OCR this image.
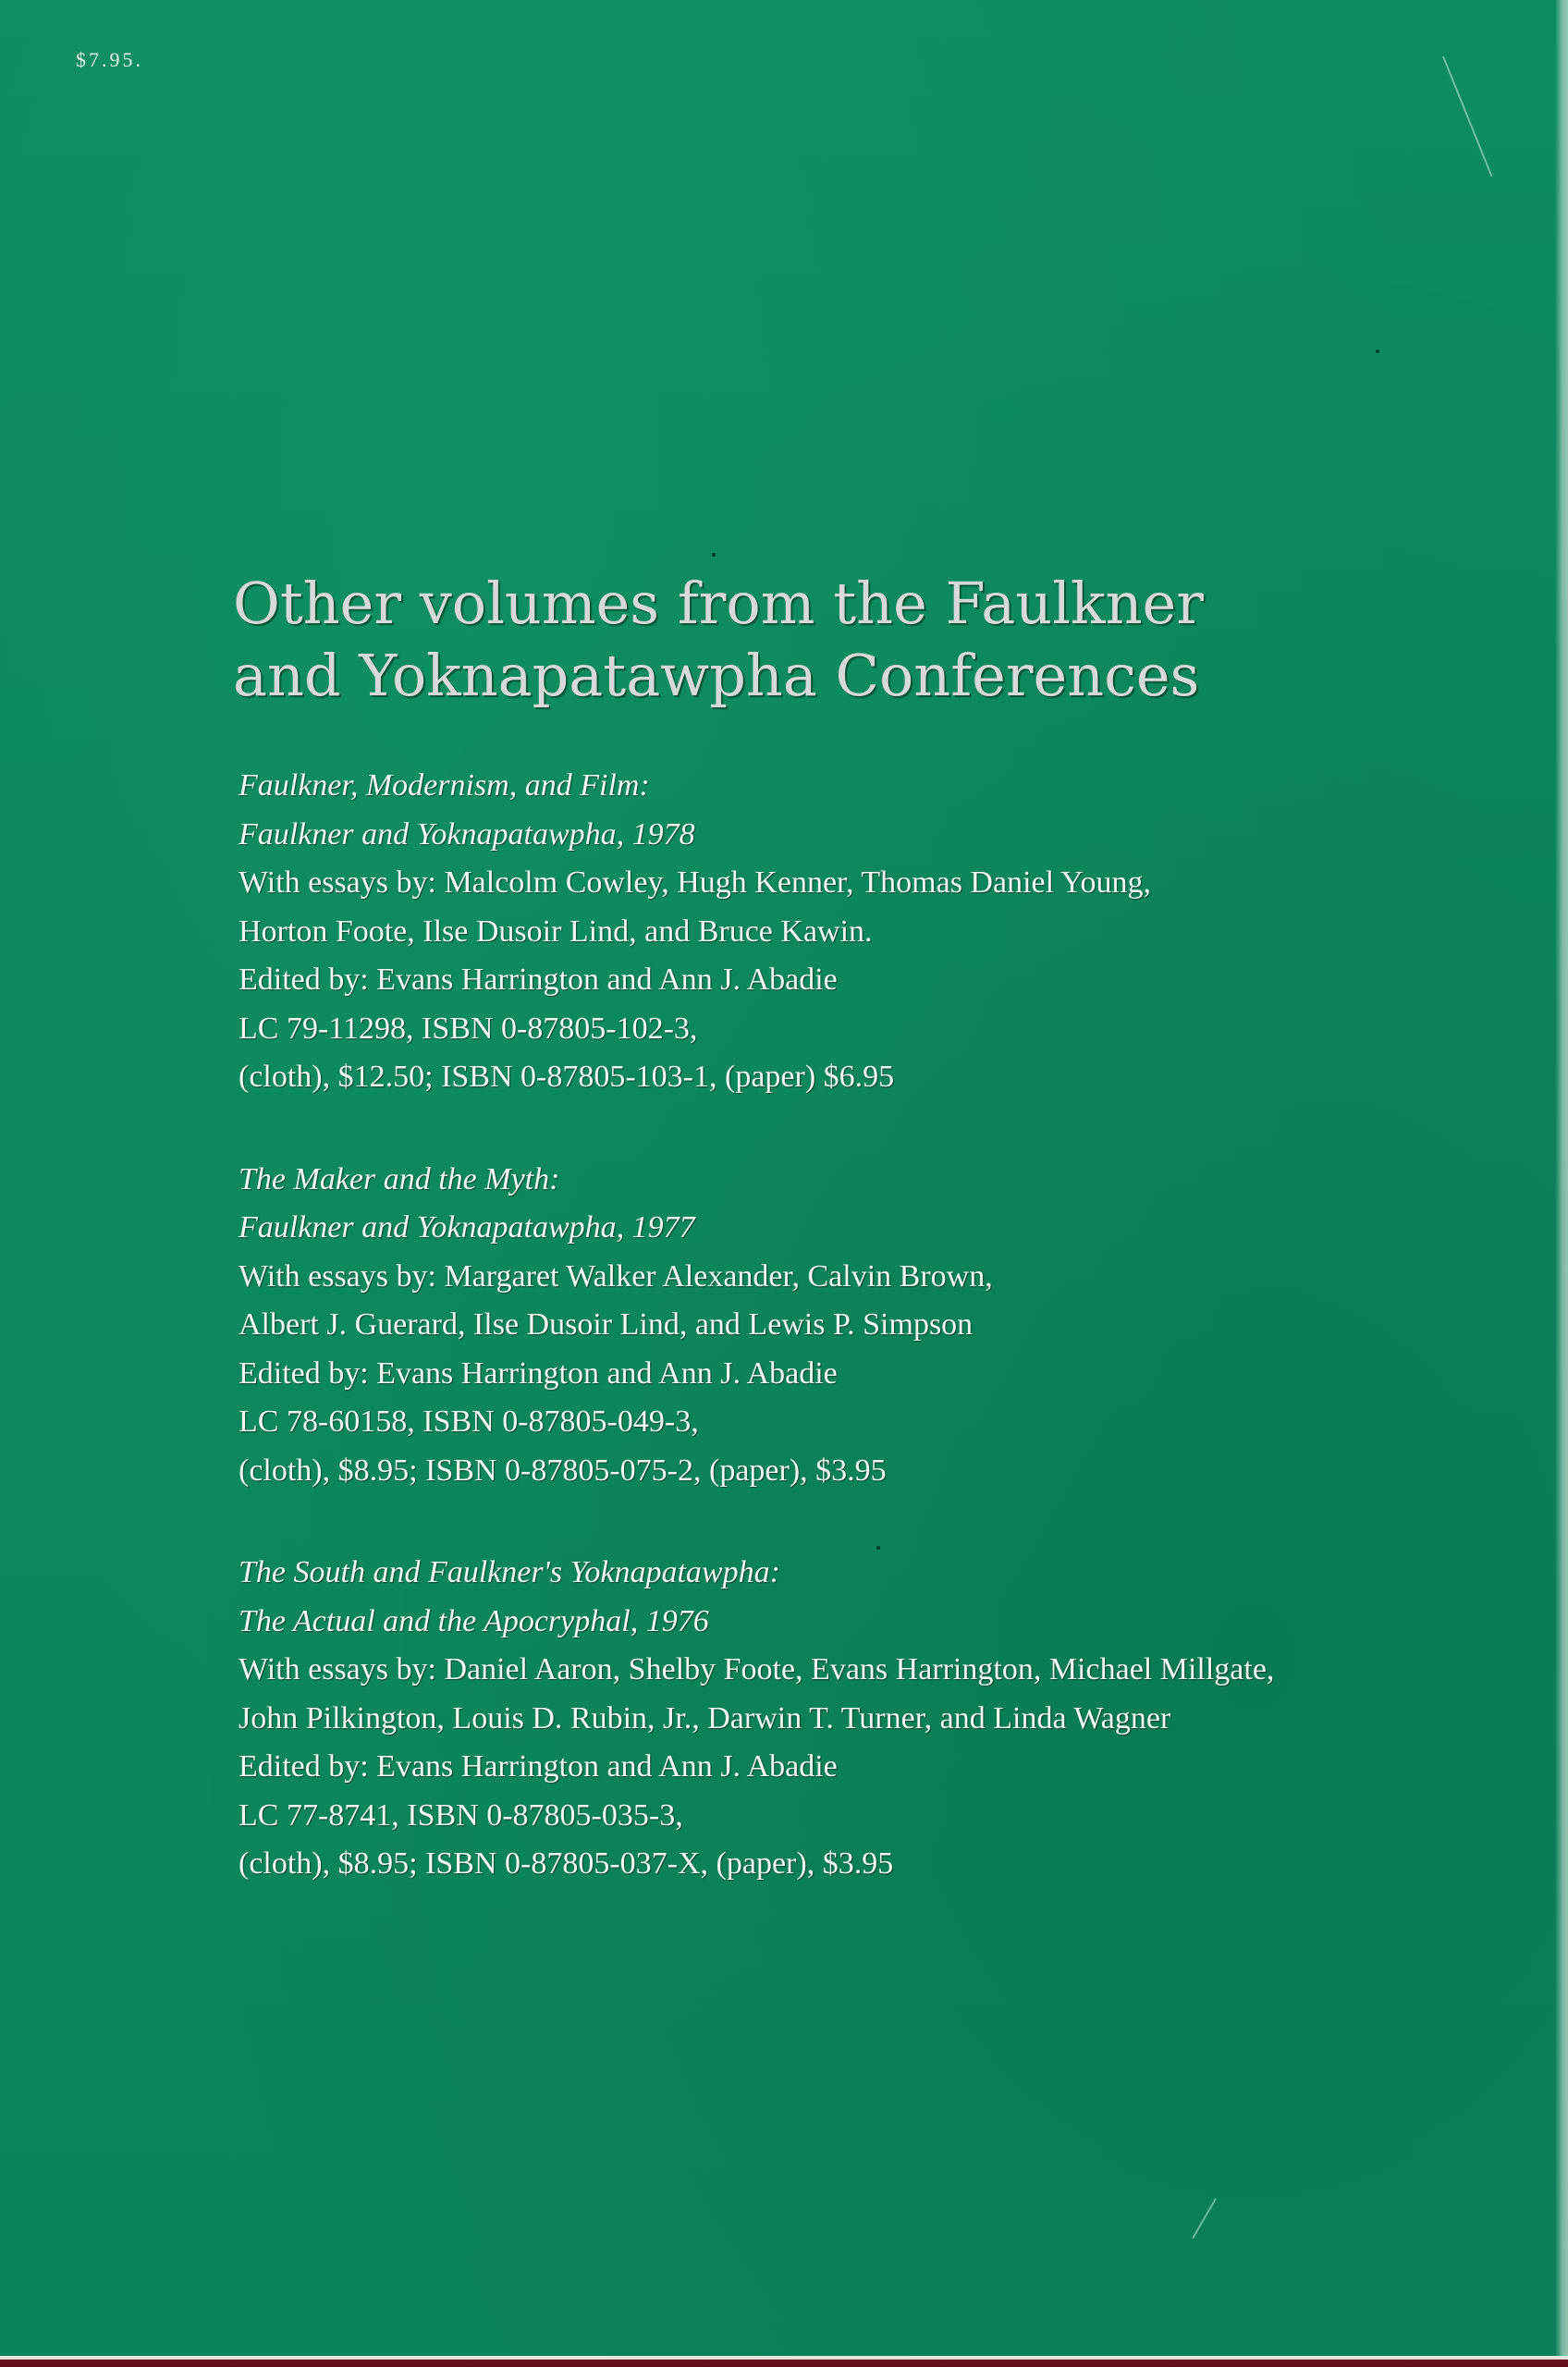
$7.95.
Other volumes from the Faulkner
and Yoknapatawpha Conferences
Faulkner, Modernism, and Film:
Faulkner and Yoknapatawpha, 1978
With essays by: Malcolm Cowley, Hugh Kenner, Thomas Daniel Young,
Horton Foote, Ilse Dusoir Lind, and Bruce Kawin.
Edited by: Evans Harrington and Ann J. Abadie
LC 79-11298, ISBN 0-87805-102-3,
(cloth), $12.50; ISBN 0-87805-103-1, (paper) $6.95
The Maker and the Myth:
Faulkner and Yoknapatawpha, 1977
With essays by: Margaret Walker Alexander, Calvin Brown,
Albert J. Guerard, Ilse Dusoir Lind, and Lewis P. Simpson
Edited by: Evans Harrington and Ann J. Abadie
LC 78-60158, ISBN 0-87805-049-3,
(cloth), $8.95; ISBN 0-87805-075-2, (paper), $3.95
The South and Faulkner's Yoknapatawpha:
The Actual and the Apocryphal, 1976
With essays by: Daniel Aaron, Shelby Foote, Evans Harrington, Michael Millgate,
John Pilkington, Louis D. Rubin, Jr., Darwin T. Turner, and Linda Wagner
Edited by: Evans Harrington and Ann J. Abadie
LC 77-8741, ISBN 0-87805-035-3,
(cloth), $8.95; ISBN 0-87805-037-X, (paper), $3.95
